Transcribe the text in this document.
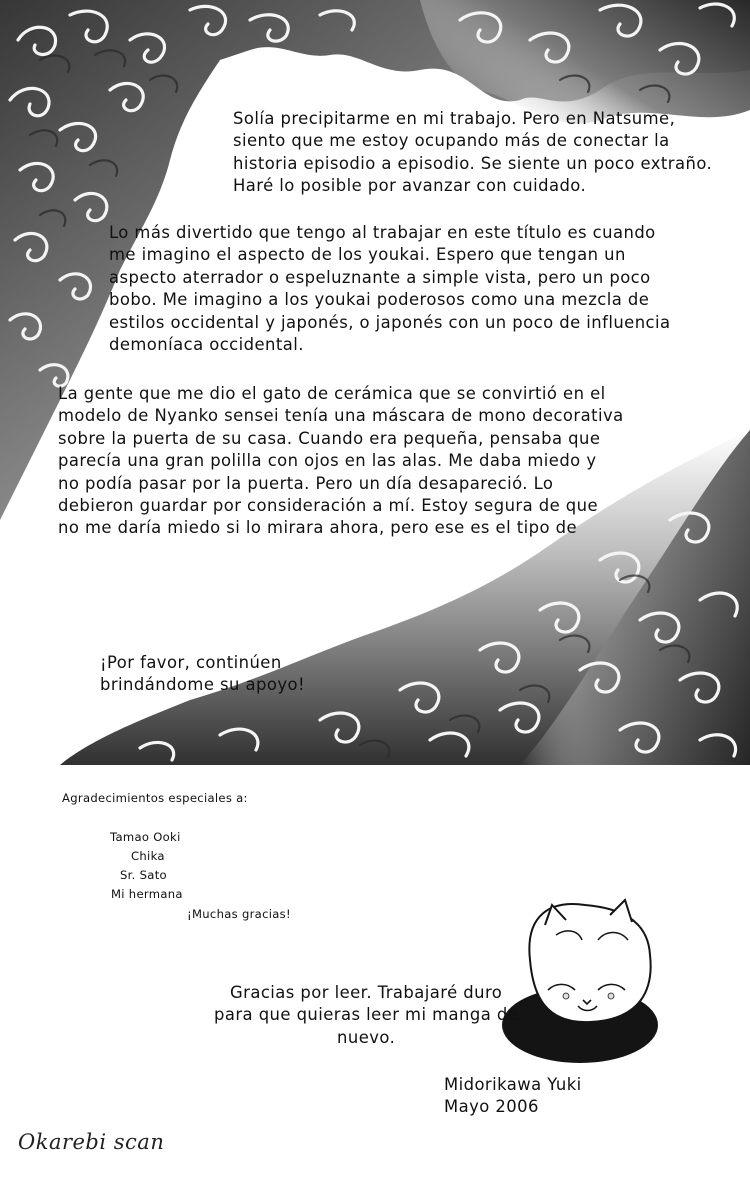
Solía precipitarme en mi trabajo. Pero en Natsume,
siento que me estoy ocupando más de conectar la
historia episodio a episodio. Se siente un poco extraño.
Haré lo posible por avanzar con cuidado.

Lo más divertido que tengo al trabajar en este título es cuando
me imagino el aspecto de los youkai. Espero que tengan un
aspecto aterrador o espeluznante a simple vista, pero un poco
bobo. Me imagino a los youkai poderosos como una mezcla de
estilos occidental y japonés, o japonés con un poco de influencia
demoníaca occidental.

La gente que me dio el gato de cerámica que se convirtió en el
modelo de Nyanko sensei tenía una máscara de mono decorativa
sobre la puerta de su casa. Cuando era pequeña, pensaba que
parecía una gran polilla con ojos en las alas. Me daba miedo y
no podía pasar por la puerta. Pero un día desapareció. Lo
debieron guardar por consideración a mí. Estoy segura de que
no me daría miedo si lo mirara ahora, pero ese es el tipo de

¡Por favor, continúen
brindándome su apoyo!

Agradecimientos especiales a:

Tamao Ooki

Chika

Sr. Sato

Mi hermana

¡Muchas gracias!

Gracias por leer. Trabajaré duro
para que quieras leer mi manga de
nuevo.

Midorikawa Yuki
Mayo 2006

Okarebi scan
